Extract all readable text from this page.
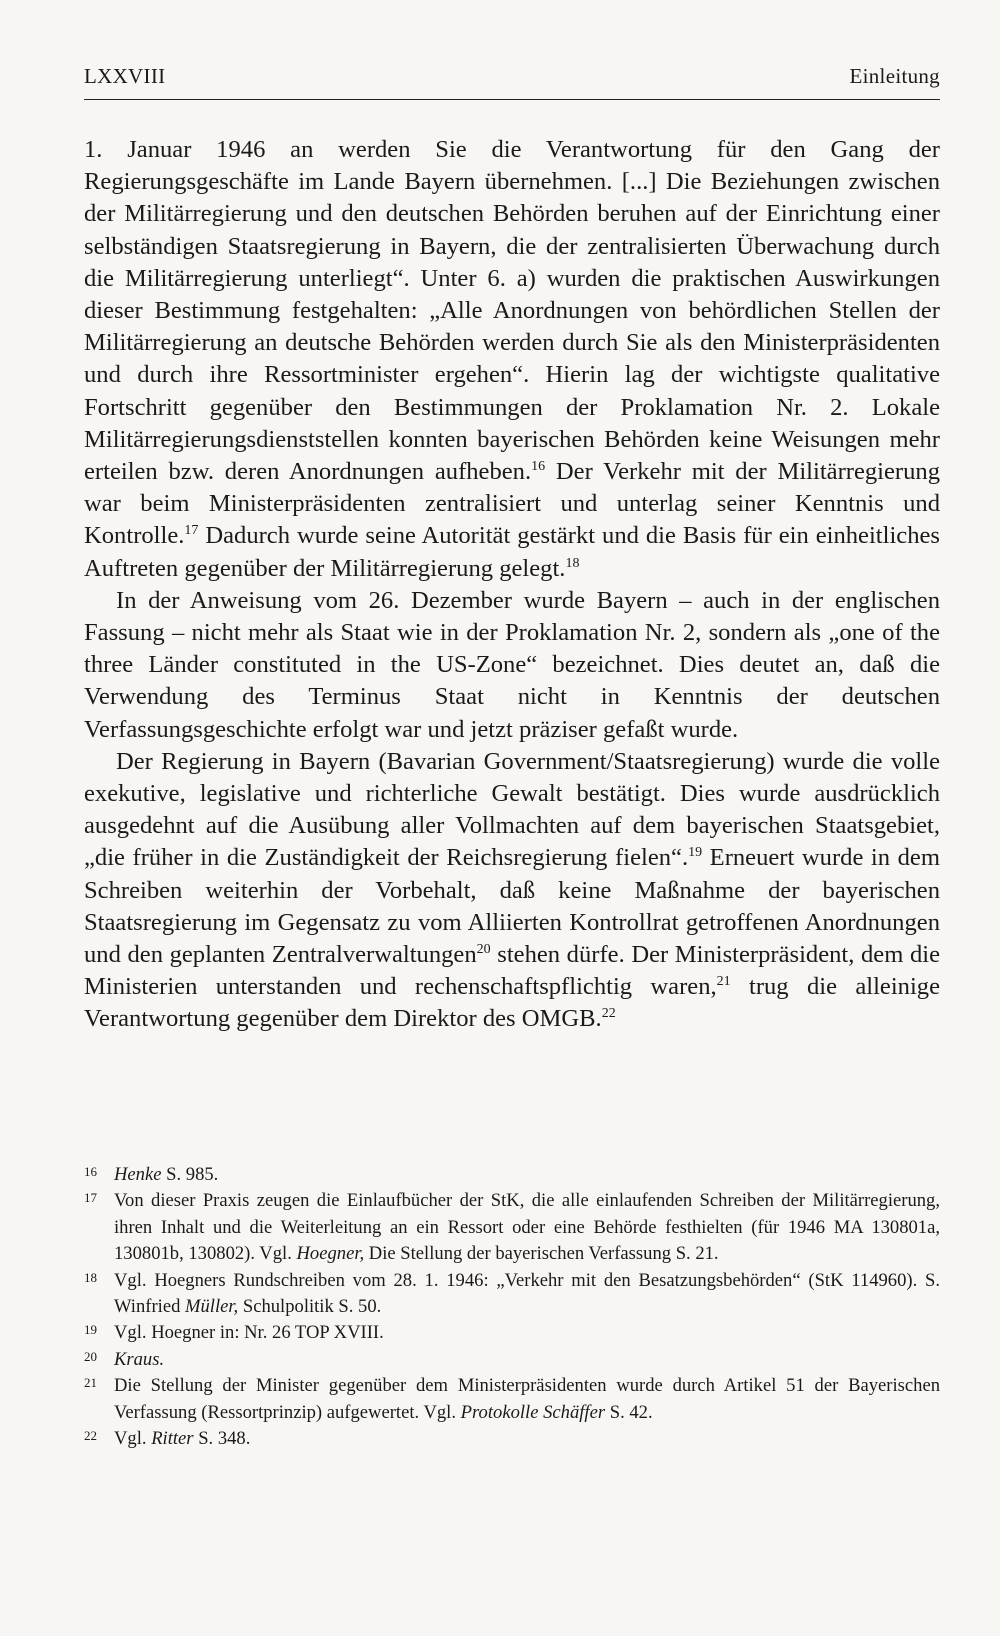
LXXVIII	Einleitung

1. Januar 1946 an werden Sie die Verantwortung für den Gang der Regierungsgeschäfte im Lande Bayern übernehmen. [...] Die Beziehungen zwischen der Militärregierung und den deutschen Behörden beruhen auf der Einrichtung einer selbständigen Staatsregierung in Bayern, die der zentralisierten Überwachung durch die Militärregierung unterliegt“. Unter 6. a) wurden die praktischen Auswirkungen dieser Bestimmung festgehalten: „Alle Anordnungen von behördlichen Stellen der Militärregierung an deutsche Behörden werden durch Sie als den Ministerpräsidenten und durch ihre Ressortminister ergehen“. Hierin lag der wichtigste qualitative Fortschritt gegenüber den Bestimmungen der Proklamation Nr. 2. Lokale Militärregierungsdienststellen konnten bayerischen Behörden keine Weisungen mehr erteilen bzw. deren Anordnungen aufheben.$^{16}$ Der Verkehr mit der Militärregierung war beim Ministerpräsidenten zentralisiert und unterlag seiner Kenntnis und Kontrolle.$^{17}$ Dadurch wurde seine Autorität gestärkt und die Basis für ein einheitliches Auftreten gegenüber der Militärregierung gelegt.$^{18}$

In der Anweisung vom 26. Dezember wurde Bayern – auch in der englischen Fassung – nicht mehr als Staat wie in der Proklamation Nr. 2, sondern als „one of the three Länder constituted in the US-Zone“ bezeichnet. Dies deutet an, daß die Verwendung des Terminus Staat nicht in Kenntnis der deutschen Verfassungsgeschichte erfolgt war und jetzt präziser gefaßt wurde.

Der Regierung in Bayern (Bavarian Government/Staatsregierung) wurde die volle exekutive, legislative und richterliche Gewalt bestätigt. Dies wurde ausdrücklich ausgedehnt auf die Ausübung aller Vollmachten auf dem bayerischen Staatsgebiet, „die früher in die Zuständigkeit der Reichsregierung fielen“.$^{19}$ Erneuert wurde in dem Schreiben weiterhin der Vorbehalt, daß keine Maßnahme der bayerischen Staatsregierung im Gegensatz zu vom Alliierten Kontrollrat getroffenen Anordnungen und den geplanten Zentralverwaltungen$^{20}$ stehen dürfe. Der Ministerpräsident, dem die Ministerien unterstanden und rechenschaftspflichtig waren,$^{21}$ trug die alleinige Verantwortung gegenüber dem Direktor des OMGB.$^{22}$

16 Henke S. 985.
17 Von dieser Praxis zeugen die Einlaufbücher der StK, die alle einlaufenden Schreiben der Militärregierung, ihren Inhalt und die Weiterleitung an ein Ressort oder eine Behörde festhielten (für 1946 MA 130801a, 130801b, 130802). Vgl. Hoegner, Die Stellung der bayerischen Verfassung S. 21.
18 Vgl. Hoegners Rundschreiben vom 28. 1. 1946: „Verkehr mit den Besatzungsbehörden“ (StK 114960). S. Winfried Müller, Schulpolitik S. 50.
19 Vgl. Hoegner in: Nr. 26 TOP XVIII.
20 Kraus.
21 Die Stellung der Minister gegenüber dem Ministerpräsidenten wurde durch Artikel 51 der Bayerischen Verfassung (Ressortprinzip) aufgewertet. Vgl. Protokolle Schäffer S. 42.
22 Vgl. Ritter S. 348.
